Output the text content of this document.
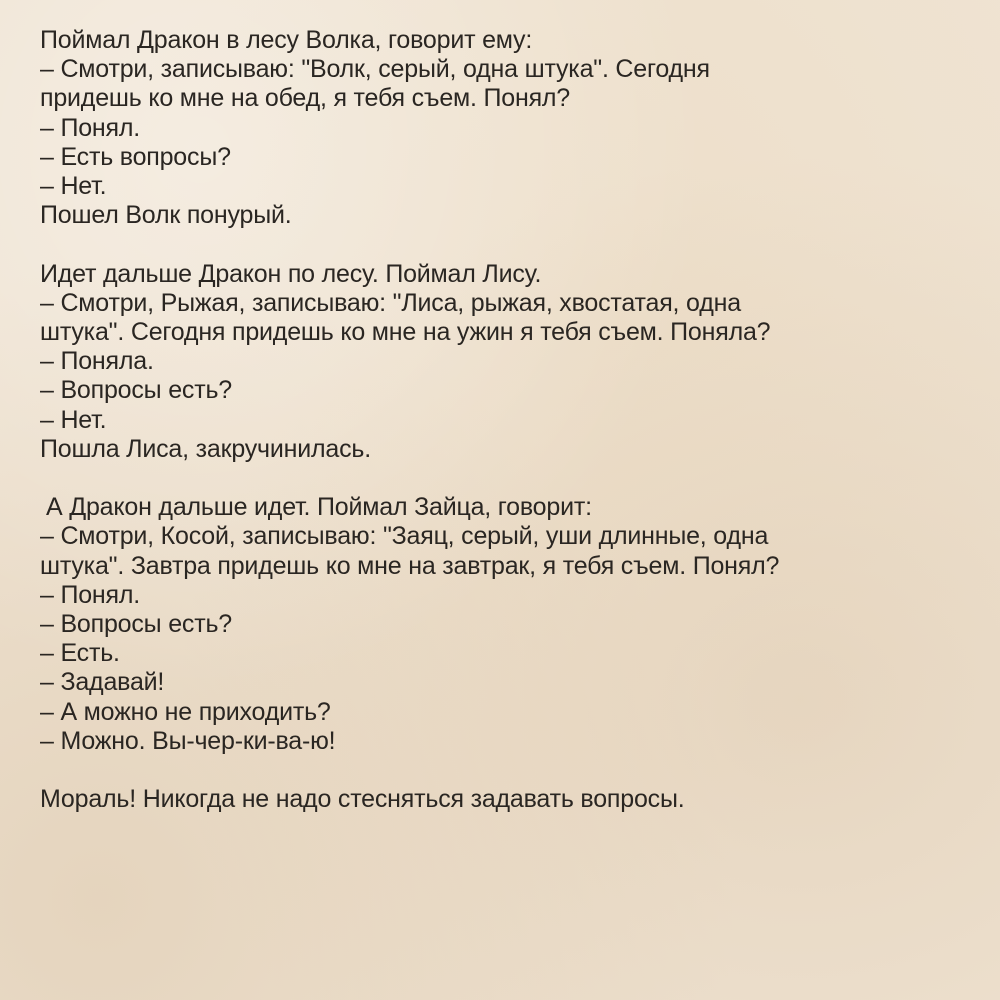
Поймал Дракон в лесу Волка, говорит ему:
– Смотри, записываю: "Волк, серый, одна штука". Сегодня
придешь ко мне на обед, я тебя съем. Понял?
– Понял.
– Есть вопросы?
– Нет.
Пошел Волк понурый.
Идет дальше Дракон по лесу. Поймал Лису.
– Смотри, Рыжая, записываю: "Лиса, рыжая, хвостатая, одна
штука". Сегодня придешь ко мне на ужин я тебя съем. Поняла?
– Поняла.
– Вопросы есть?
– Нет.
Пошла Лиса, закручинилась.
А Дракон дальше идет. Поймал Зайца, говорит:
– Смотри, Косой, записываю: "Заяц, серый, уши длинные, одна
штука". Завтра придешь ко мне на завтрак, я тебя съем. Понял?
– Понял.
– Вопросы есть?
– Есть.
– Задавай!
– А можно не приходить?
– Можно. Вы-чер-ки-ва-ю!
Мораль! Никогда не надо стесняться задавать вопросы.
